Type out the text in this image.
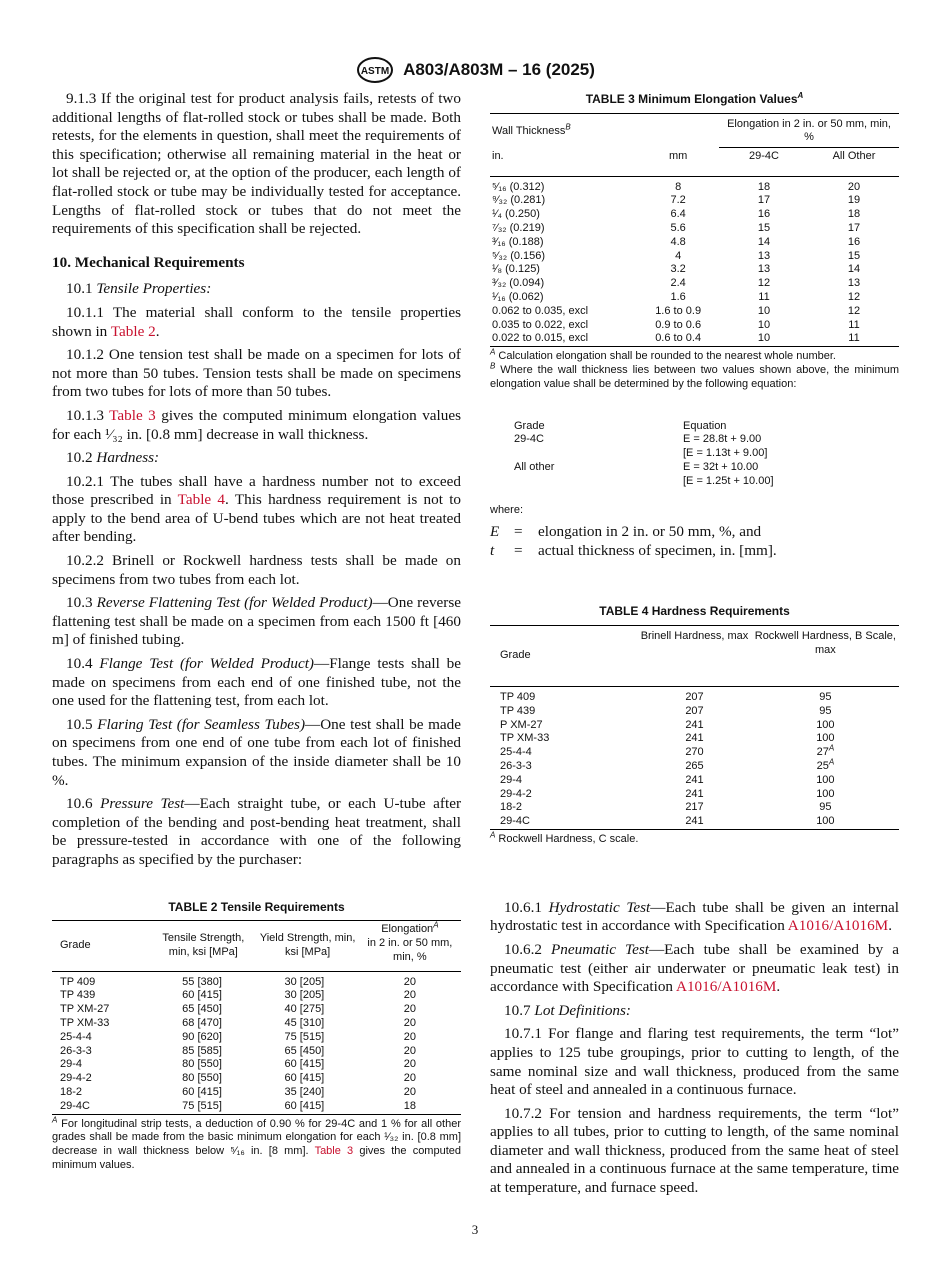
ASTM A803/A803M – 16 (2025)

9.1.3 If the original test for product analysis fails, retests of two additional lengths of flat-rolled stock or tubes shall be made. Both retests, for the elements in question, shall meet the requirements of this specification; otherwise all remaining material in the heat or lot shall be rejected or, at the option of the producer, each length of flat-rolled stock or tube may be individually tested for acceptance. Lengths of flat-rolled stock or tubes that do not meet the requirements of this specification shall be rejected.

10. Mechanical Requirements

10.1 Tensile Properties:

10.1.1 The material shall conform to the tensile properties shown in Table 2.

10.1.2 One tension test shall be made on a specimen for lots of not more than 50 tubes. Tension tests shall be made on specimens from two tubes for lots of more than 50 tubes.

10.1.3 Table 3 gives the computed minimum elongation values for each ¹⁄₃₂ in. [0.8 mm] decrease in wall thickness.

10.2 Hardness:

10.2.1 The tubes shall have a hardness number not to exceed those prescribed in Table 4. This hardness requirement is not to apply to the bend area of U-bend tubes which are not heat treated after bending.

10.2.2 Brinell or Rockwell hardness tests shall be made on specimens from two tubes from each lot.

10.3 Reverse Flattening Test (for Welded Product)—One reverse flattening test shall be made on a specimen from each 1500 ft [460 m] of finished tubing.

10.4 Flange Test (for Welded Product)—Flange tests shall be made on specimens from each end of one finished tube, not the one used for the flattening test, from each lot.

10.5 Flaring Test (for Seamless Tubes)—One test shall be made on specimens from one end of one tube from each lot of finished tubes. The minimum expansion of the inside diameter shall be 10 %.

10.6 Pressure Test—Each straight tube, or each U-tube after completion of the bending and post-bending heat treatment, shall be pressure-tested in accordance with one of the following paragraphs as specified by the purchaser:

TABLE 2 Tensile Requirements
Grade	Tensile Strength, min, ksi [MPa]	Yield Strength, min, ksi [MPa]	Elongation$^A$
in 2 in. or 50 mm, min, %
TP 409	55 [380]	30 [205]	20
TP 439	60 [415]	30 [205]	20
TP XM-27	65 [450]	40 [275]	20
TP XM-33	68 [470]	45 [310]	20
25-4-4	90 [620]	75 [515]	20
26-3-3	85 [585]	65 [450]	20
29-4	80 [550]	60 [415]	20
29-4-2	80 [550]	60 [415]	20
18-2	60 [415]	35 [240]	20
29-4C	75 [515]	60 [415]	18
$^A$ For longitudinal strip tests, a deduction of 0.90 % for 29-4C and 1 % for all other grades shall be made from the basic minimum elongation for each ¹⁄₃₂ in. [0.8 mm] decrease in wall thickness below ⁵⁄₁₆ in. [8 mm]. Table 3 gives the computed minimum values.
TABLE 3 Minimum Elongation Values$^A$
Wall Thickness$^B$		Elongation in 2 in. or 50 mm, min, %	
in.	mm	29-4C	All Other
⁵⁄₁₆ (0.312)	8	18	20
⁹⁄₃₂ (0.281)	7.2	17	19
¹⁄₄ (0.250)	6.4	16	18
⁷⁄₃₂ (0.219)	5.6	15	17
³⁄₁₆ (0.188)	4.8	14	16
⁵⁄₃₂ (0.156)	4	13	15
¹⁄₈ (0.125)	3.2	13	14
³⁄₃₂ (0.094)	2.4	12	13
¹⁄₁₆ (0.062)	1.6	11	12
0.062 to 0.035, excl	1.6 to 0.9	10	12
0.035 to 0.022, excl	0.9 to 0.6	10	11
0.022 to 0.015, excl	0.6 to 0.4	10	11
$^A$ Calculation elongation shall be rounded to the nearest whole number.
$^B$ Where the wall thickness lies between two values shown above, the minimum elongation value shall be determined by the following equation:
Grade	Equation
29-4C	E = 28.8t + 9.00
[E = 1.13t + 9.00]
All other	E = 32t + 10.00
[E = 1.25t + 10.00]
where:
E =	elongation in 2 in. or 50 mm, %, and
t	=	actual thickness of specimen, in. [mm].
TABLE 4 Hardness Requirements
Grade	Brinell Hardness, max	Rockwell Hardness, B Scale, max
TP 409	207	95
TP 439	207	95
P XM-27	241	100
TP XM-33	241	100
25-4-4	270	$27^A$
26-3-3	265	$25^A$
29-4	241	100
29-4-2	241	100
18-2	217	95
29-4C	241	100
$^A$ Rockwell Hardness, C scale.

10.6.1 Hydrostatic Test—Each tube shall be given an internal hydrostatic test in accordance with Specification A1016/A1016M.

10.6.2 Pneumatic Test—Each tube shall be examined by a pneumatic test (either air underwater or pneumatic leak test) in accordance with Specification A1016/A1016M.

10.7 Lot Definitions:

10.7.1 For flange and flaring test requirements, the term “lot” applies to 125 tube groupings, prior to cutting to length, of the same nominal size and wall thickness, produced from the same heat of steel and annealed in a continuous furnace.

10.7.2 For tension and hardness requirements, the term “lot” applies to all tubes, prior to cutting to length, of the same nominal diameter and wall thickness, produced from the same heat of steel and annealed in a continuous furnace at the same temperature, time at temperature, and furnace speed.

3
